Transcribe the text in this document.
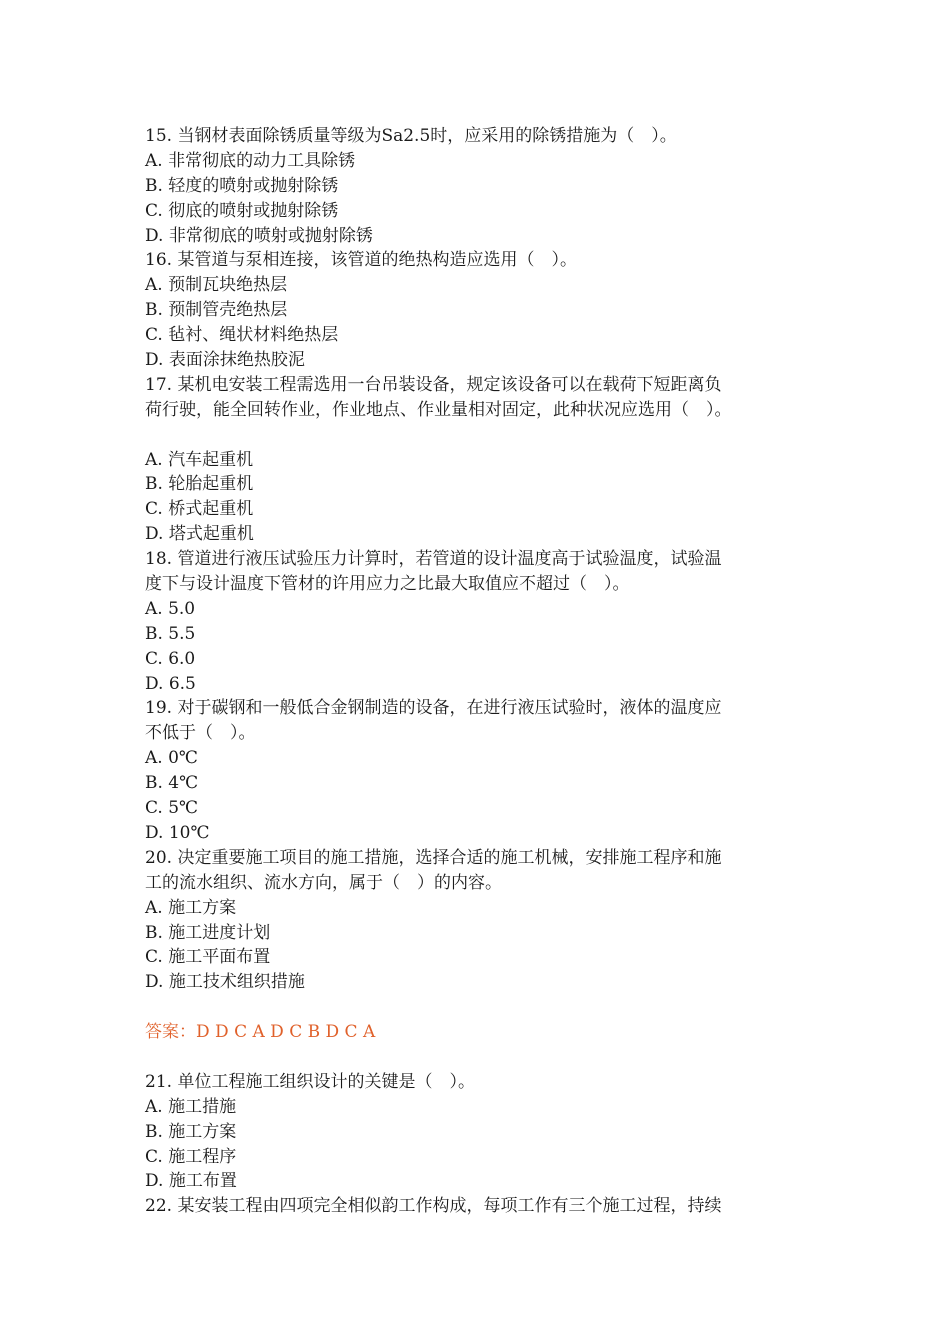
15. 当钢材表面除锈质量等级为Sa2.5时，应采用的除锈措施为（　）。
A. 非常彻底的动力工具除锈
B. 轻度的喷射或抛射除锈
C. 彻底的喷射或抛射除锈
D. 非常彻底的喷射或抛射除锈
16. 某管道与泵相连接，该管道的绝热构造应选用（　）。
A. 预制瓦块绝热层
B. 预制管壳绝热层
C. 毡衬、绳状材料绝热层
D. 表面涂抹绝热胶泥
17. 某机电安装工程需选用一台吊装设备，规定该设备可以在载荷下短距离负
荷行驶，能全回转作业，作业地点、作业量相对固定，此种状况应选用（　）。
A. 汽车起重机
B. 轮胎起重机
C. 桥式起重机
D. 塔式起重机
18. 管道进行液压试验压力计算时，若管道的设计温度高于试验温度，试验温
度下与设计温度下管材的许用应力之比最大取值应不超过（　）。
A. 5.0
B. 5.5
C. 6.0
D. 6.5
19. 对于碳钢和一般低合金钢制造的设备，在进行液压试验时，液体的温度应
不低于（　）。
A. 0℃
B. 4℃
C. 5℃
D. 10℃
20. 决定重要施工项目的施工措施，选择合适的施工机械，安排施工程序和施
工的流水组织、流水方向，属于（　）的内容。
A. 施工方案
B. 施工进度计划
C. 施工平面布置
D. 施工技术组织措施
答案：D D C A D C B D C A
21. 单位工程施工组织设计的关键是（　）。
A. 施工措施
B. 施工方案
C. 施工程序
D. 施工布置
22. 某安装工程由四项完全相似韵工作构成，每项工作有三个施工过程，持续
